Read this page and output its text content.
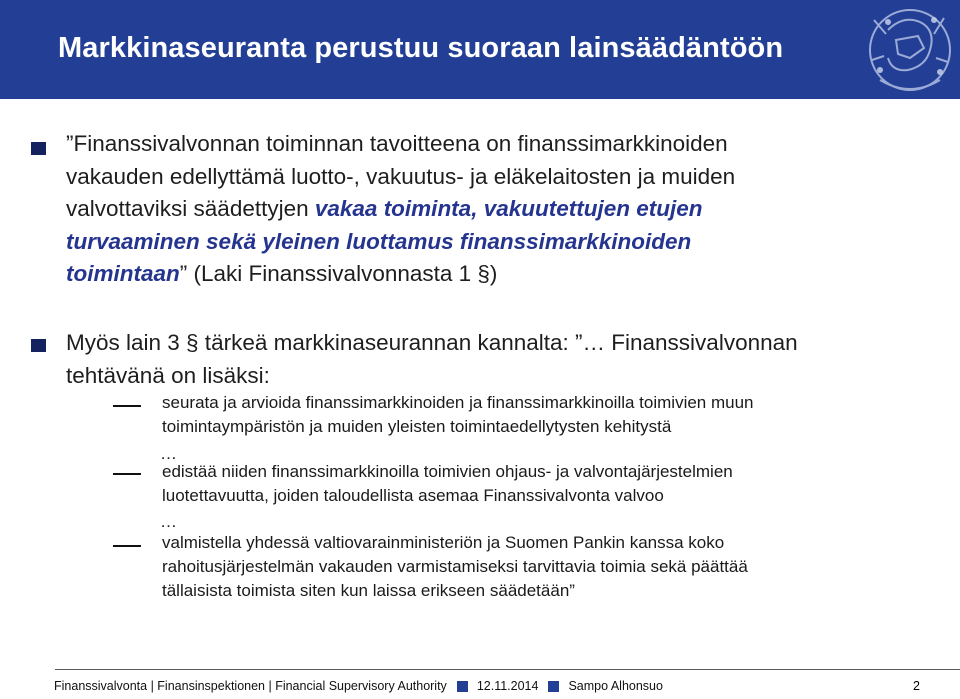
Markkinaseuranta perustuu suoraan lainsäädäntöön
”Finanssivalvonnan toiminnan tavoitteena on finanssimarkkinoiden
vakauden edellyttämä luotto-, vakuutus- ja eläkelaitosten ja muiden
valvottaviksi säädettyjen vakaa toiminta, vakuutettujen etujen
turvaaminen sekä yleinen luottamus finanssimarkkinoiden
toimintaan” (Laki Finanssivalvonnasta 1 §)
Myös lain 3 § tärkeä markkinaseurannan kannalta: ”… Finanssivalvonnan
tehtävänä on lisäksi:
seurata ja arvioida finanssimarkkinoiden ja finanssimarkkinoilla toimivien muun
toimintaympäristön ja muiden yleisten toimintaedellytysten kehitystä
…
edistää niiden finanssimarkkinoilla toimivien ohjaus- ja valvontajärjestelmien
luotettavuutta, joiden taloudellista asemaa Finanssivalvonta valvoo
…
valmistella yhdessä valtiovarainministeriön ja Suomen Pankin kanssa koko
rahoitusjärjestelmän vakauden varmistamiseksi tarvittavia toimia sekä päättää
tällaisista toimista siten kun laissa erikseen säädetään”
Finanssivalvonta | Finansinspektionen | Financial Supervisory Authority 12.11.2014 Sampo Alhonsuo	2
